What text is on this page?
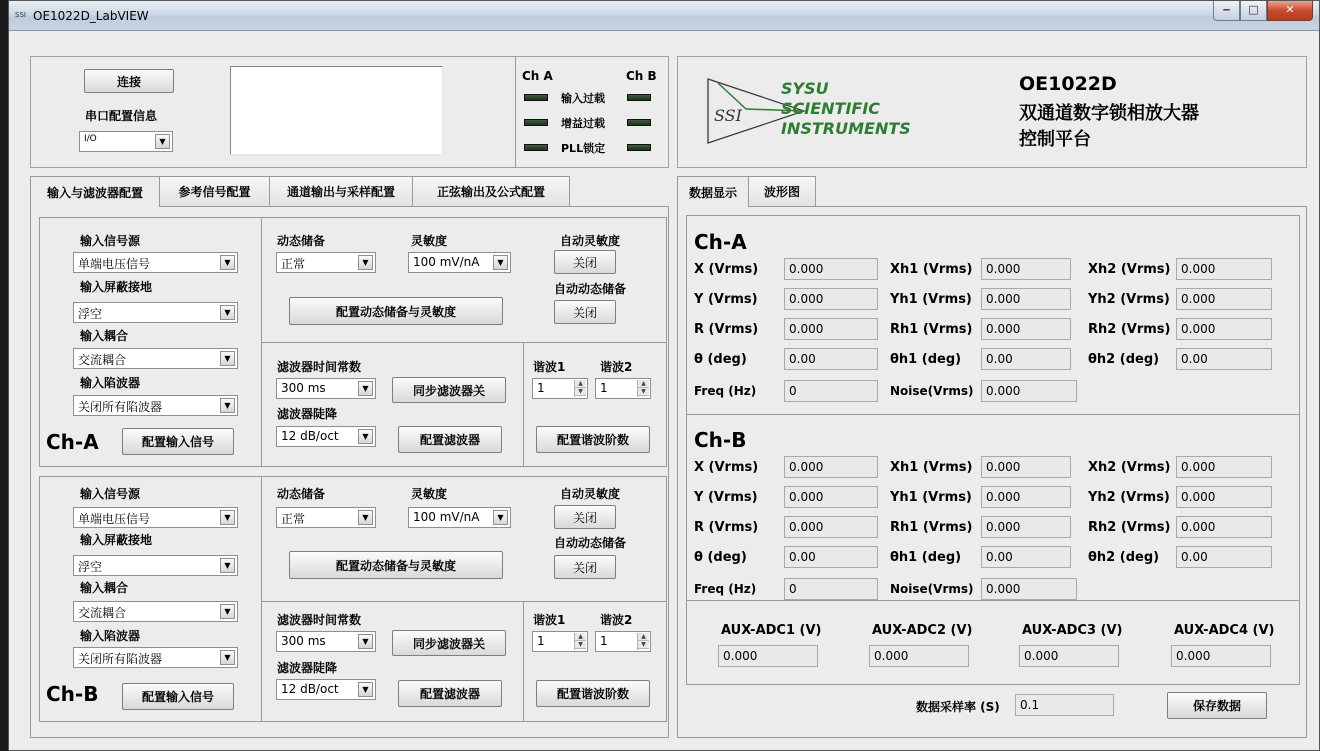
SSI OE1022D_LabVIEW	‒	□	✕
连接
串口配置信息
I/O	▼
Ch A	Ch B
输入过载
增益过载
PLL锁定
SSI
SYSU
SCIENTIFIC
INSTRUMENTS
OE1022D
双通道数字锁相放大器
控制平台
输入与滤波器配置	参考信号配置	通道输出与采样配置	正弦输出及公式配置
输入信号源
单端电压信号	▼
输入屏蔽接地
浮空	▼
输入耦合
交流耦合	▼
输入陷波器
关闭所有陷波器	▼
Ch-A	配置输入信号
动态储备
正常	▼
灵敏度
100 mV/nA	▼
自动灵敏度
关闭
自动动态储备
关闭
配置动态储备与灵敏度
滤波器时间常数
300 ms	▼	同步滤波器关
滤波器陡降
12 dB/oct	▼	配置滤波器
谐波1	谐波2
1	▲
▼ 1	▲
▼
配置谐波阶数
输入信号源
单端电压信号	▼
输入屏蔽接地
浮空	▼
输入耦合
交流耦合	▼
输入陷波器
关闭所有陷波器	▼
Ch-B	配置输入信号
动态储备
正常	▼
灵敏度
100 mV/nA	▼
自动灵敏度
关闭
自动动态储备
关闭
配置动态储备与灵敏度
滤波器时间常数
300 ms	▼	同步滤波器关
滤波器陡降
12 dB/oct	▼	配置滤波器
谐波1	谐波2
1	▲
▼ 1	▲
▼
配置谐波阶数
数据显示	波形图
Ch-A
X (Vrms)	0.000	Xh1 (Vrms)	0.000	Xh2 (Vrms) 0.000
Y (Vrms)	0.000	Yh1 (Vrms)	0.000	Yh2 (Vrms) 0.000
R (Vrms)	0.000	Rh1 (Vrms)	0.000	Rh2 (Vrms) 0.000
θ (deg)	0.00	θh1 (deg)	0.00	θh2 (deg)	0.00
Freq (Hz)	0	Noise(Vrms)	0.000
Ch-B
X (Vrms)	0.000	Xh1 (Vrms)	0.000	Xh2 (Vrms) 0.000
Y (Vrms)	0.000	Yh1 (Vrms)	0.000	Yh2 (Vrms) 0.000
R (Vrms)	0.000	Rh1 (Vrms)	0.000	Rh2 (Vrms) 0.000
θ (deg)	0.00	θh1 (deg)	0.00	θh2 (deg)	0.00
Freq (Hz)	0	Noise(Vrms)	0.000
AUX-ADC1 (V)
0.000
AUX-ADC2 (V)
0.000
AUX-ADC3 (V)
0.000
AUX-ADC4 (V)
0.000
数据采样率 (S)	0.1	保存数据
